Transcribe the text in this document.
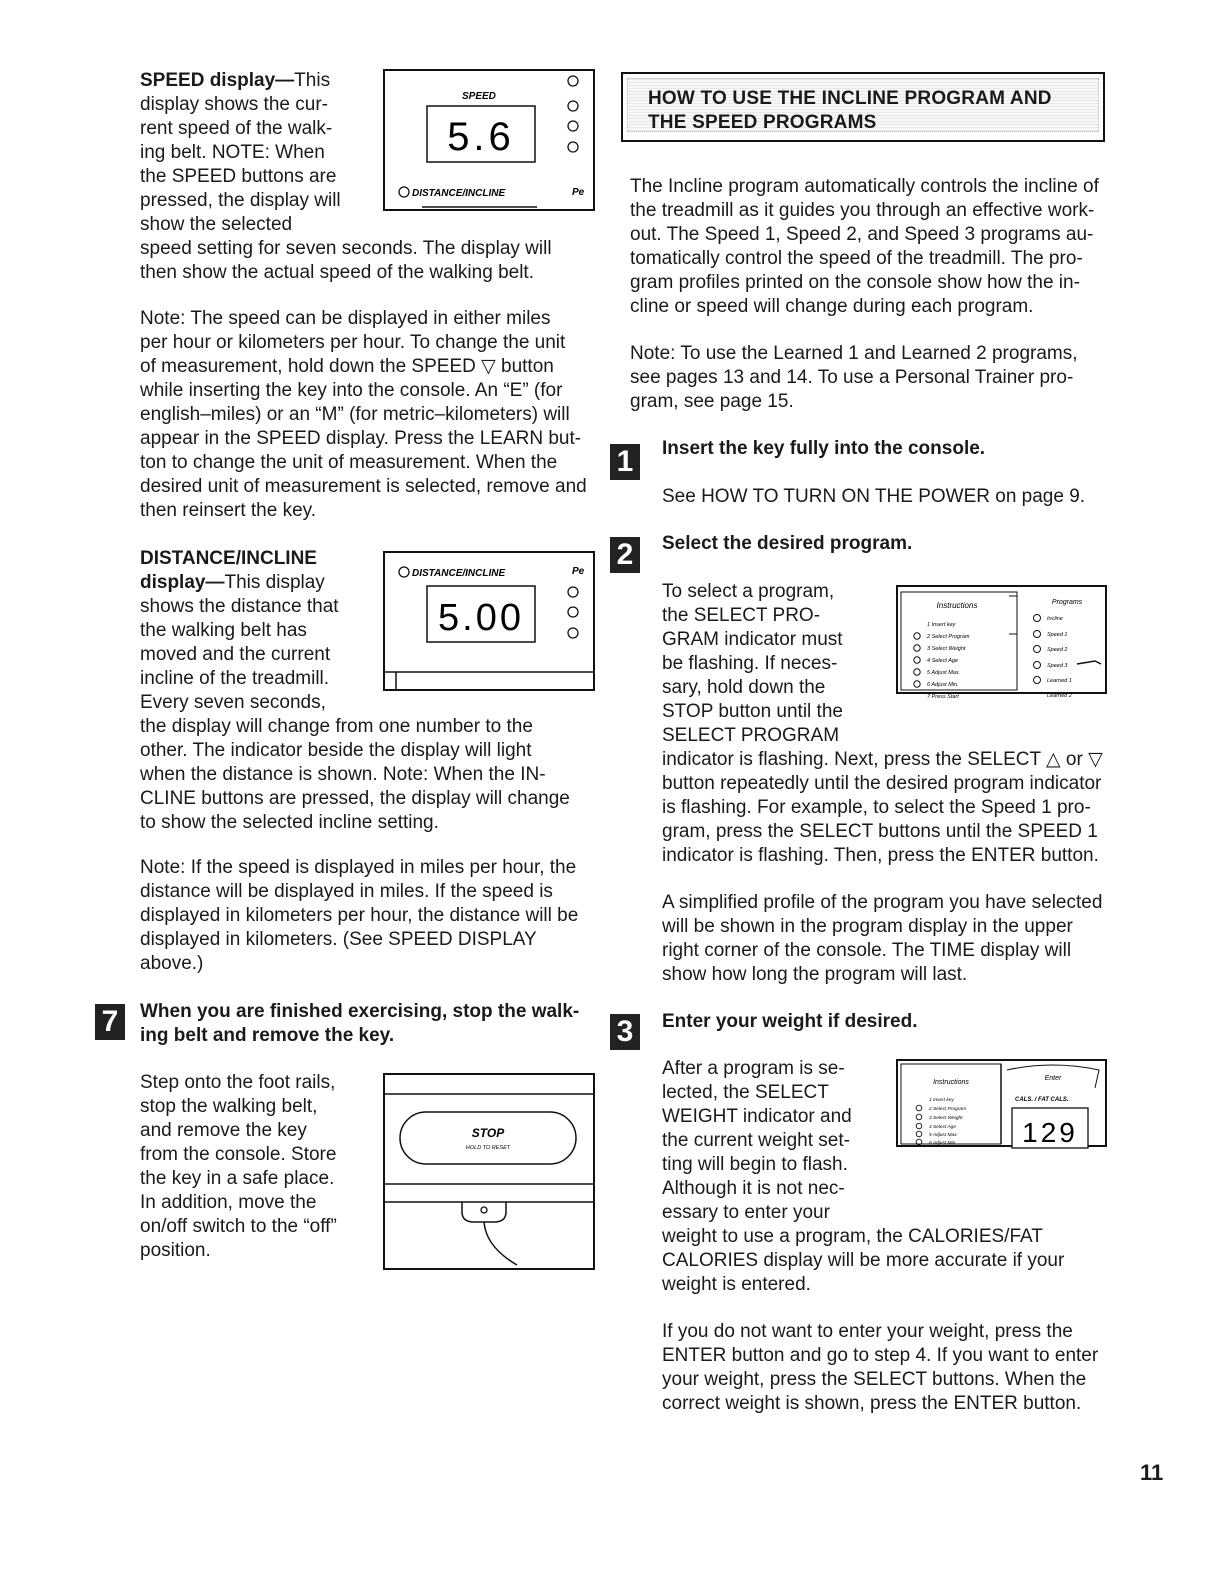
SPEED display—This

display shows the cur-

rent speed of the walk-

ing belt. NOTE: When

the SPEED buttons are

pressed, the display will

show the selected

speed setting for seven seconds. The display will

then show the actual speed of the walking belt.

SPEED
5.6
DISTANCE/INCLINE	Pe

Note: The speed can be displayed in either miles

per hour or kilometers per hour. To change the unit

of measurement, hold down the SPEED ▽ button

while inserting the key into the console. An “E” (for

english–miles) or an “M” (for metric–kilometers) will

appear in the SPEED display. Press the LEARN but-

ton to change the unit of measurement. When the

desired unit of measurement is selected, remove and

then reinsert the key.

DISTANCE/INCLINE

display—This display

shows the distance that

the walking belt has

moved and the current

incline of the treadmill.

Every seven seconds,

the display will change from one number to the

other. The indicator beside the display will light

when the distance is shown. Note: When the IN-

CLINE buttons are pressed, the display will change

to show the selected incline setting.

DISTANCE/INCLINE	Pe
5.00

Note: If the speed is displayed in miles per hour, the

distance will be displayed in miles. If the speed is

displayed in kilometers per hour, the distance will be

displayed in kilometers. (See SPEED DISPLAY

above.)

7	When you are finished exercising, stop the walk-

ing belt and remove the key.

Step onto the foot rails,

stop the walking belt,

and remove the key

from the console. Store

the key in a safe place.

In addition, move the

on/off switch to the “off”

position.

STOP
HOLD TO RESET
HOW TO USE THE INCLINE PROGRAM AND
THE SPEED PROGRAMS

The Incline program automatically controls the incline of

the treadmill as it guides you through an effective work-

out. The Speed 1, Speed 2, and Speed 3 programs au-

tomatically control the speed of the treadmill. The pro-

gram profiles printed on the console show how the in-

cline or speed will change during each program.

Note: To use the Learned 1 and Learned 2 programs,

see pages 13 and 14. To use a Personal Trainer pro-

gram, see page 15.

1	Insert the key fully into the console.

See HOW TO TURN ON THE POWER on page 9.

2	Select the desired program.

To select a program,

the SELECT PRO-

GRAM indicator must

be flashing. If neces-

sary, hold down the

STOP button until the

SELECT PROGRAM

indicator is flashing. Next, press the SELECT △ or ▽

button repeatedly until the desired program indicator

is flashing. For example, to select the Speed 1 pro-

gram, press the SELECT buttons until the SPEED 1

indicator is flashing. Then, press the ENTER button.

Instructions
1 Insert key
2 Select Program
3 Select Weight
4 Select Age
5 Adjust Max.
6 Adjust Min.
7 Press Start
Programs
Incline
Speed 1
Speed 2
Speed 3
Learned 1
Learned 2

A simplified profile of the program you have selected

will be shown in the program display in the upper

right corner of the console. The TIME display will

show how long the program will last.

3	Enter your weight if desired.

After a program is se-

lected, the SELECT

WEIGHT indicator and

the current weight set-

ting will begin to flash.

Although it is not nec-

essary to enter your

weight to use a program, the CALORIES/FAT

CALORIES display will be more accurate if your

weight is entered.

Instructions
1 Insert key
2 Select Program
3 Select Weight
4 Select Age
5 Adjust Max.
6 Adjust Min.
Enter
CALS. / FAT CALS.
129

If you do not want to enter your weight, press the

ENTER button and go to step 4. If you want to enter

your weight, press the SELECT buttons. When the

correct weight is shown, press the ENTER button.

11
